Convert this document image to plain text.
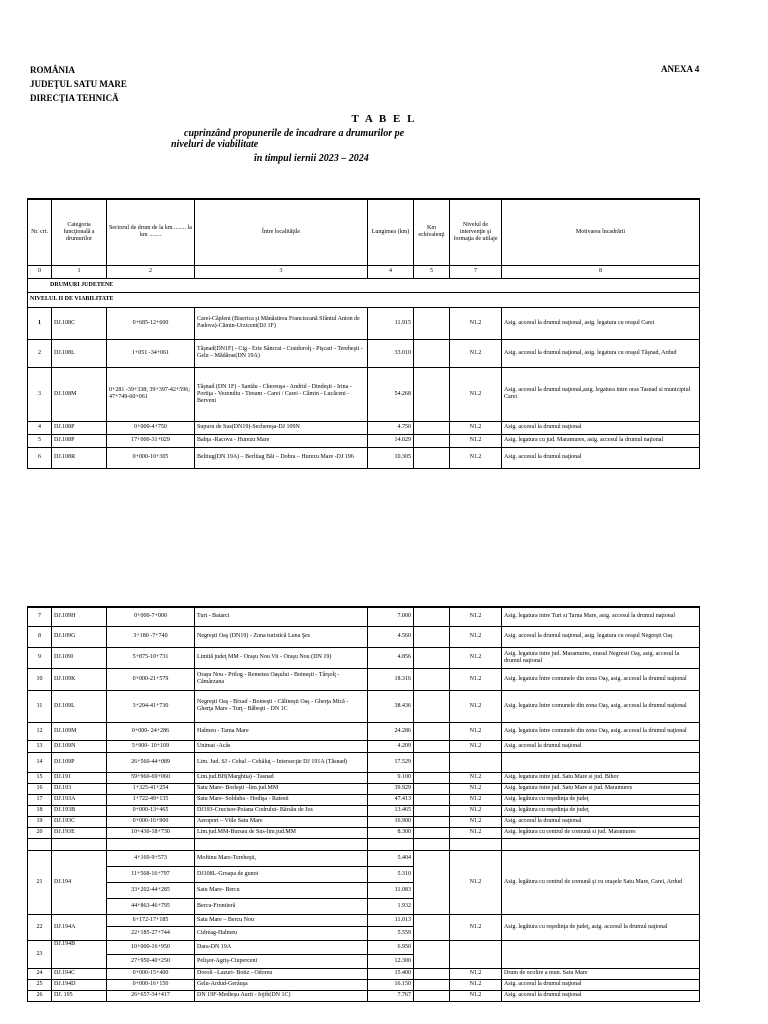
ROMÂNIA
JUDEŢUL SATU MARE
DIRECŢIA TEHNICĂ
ANEXA 4
T A B E L
cuprinzând propunerile de încadrare a drumurilor pe
niveluri de viabilitate
în timpul iernii 2023 – 2024
Nr. crt.	Categoria funcţională a drumurilor	Sectorul de drum de la km ........ la km ........	Între localităţile	Lungimea (km)	Km echivalenţi	Nivelul de intervenţie şi formaţia de utilaje	Motivarea încadrării
0	1	2	3	4	5	7	8
DRUMURI JUDETENE							
NIVELUL II DE VIABILITATE							
1	DJ.108C	0+685-12+600	Carei-Căpleni (Biserica şi Mănăstirea Franciscană Sfântul Anton de Padova)-Cămin-Urziceni(DJ 1F)	11.915		N1.2	Asig. accesul la drumul naţional, asig. legatura cu oraşul Carei
2	DJ.108L	1+051 -34+061	Tăşnad(DN1F) - Cig - Erie Sâncrai - Craidorolţ - Pişcari - Tereheşti - Gelu – Mădăras(DN 19A)	33.010		N1.2	Asig. accesul la drumul naţional, asig. legatura cu oraşul Tăşnad, Ardud
3	DJ.108M	0+281 -39+338; 39+397-42+596; 47+749-60+061	Tăşnad (DN 1F) - Santău - Chereuşa - Andrid - Dindeşti - Irina - Portiţa - Vezendiu - Tiream - Carei / Carei - Cămin - Lucăceni - Berveni	54.268		N1.2	Asig. accesul la drumul naţional,asig. legatura intre oras Tasnad si municipiul Carei
4	DJ.108P	0+000-4+750	Supuru de Sus(DN19)-Sechereşa-DJ 109N	4.750		N1.2	Asig. accesul la drumul naţional
5	DJ.108P	17+000-31+029	Babţa -Racova - Hurezu Mare	14.029		N1.2	Asig. legatura cu jud. Maramures, asig. accesul la drumul naţional
6	DJ.108R	0+000-10+305	Beltiug(DN 19A) – Berltiag Băi – Dobra – Hurezu Mare -DJ 196	10.305		N1.2	Asig. accesul la drumul naţional
7	DJ.109H	0+000-7+000	Turt - Batarci	7.000		N1.2	Asig. legatura intre Turt si Tarna Mare, asig. accesul la drumul naţional
8	DJ.109G	3+180 -7+740	Negreşti Oaş (DN19) - Zona turistică Luna Şes	4.560		N1.2	Asig. accesul la drumul naţional, asig. legatura cu oraşul Negreşti Oaş
9	DJ.109I	5+875-10+731	Limită judeţ MM - Oraşu Nou Vii - Oraşu Nou (DN 19)	4.856		N1.2	Asig. legatura intre jud. Maramures, orasul Negresti Oaş, asig. accesul la drumul naţional
10	DJ.109K	0+000-21+579	Oraşu Nou - Prilog - Remetea Oaşului - Boineşti - Târşolţ - Cămârzana	18.316		N1.2	Asig. legatura între comunele din zona Oaş, asig. accesul la drumul naţional
11	DJ.109L	3+294-41+730	Negreşti Oaş - Bixad - Boineşti - Călineşti Oaş - Gherţa Mică - Gherţa Mare - Turţ - Băbeşti - DN 1C	38.436		N1.2	Asig. legatura între comunele din zona Oaş, asig. accesul la drumul naţional
12	DJ.109M	0+000- 24+286	Halmeu - Tarna Mare	24.286		N1.2	Asig. legatura între comunele din zona Oaş, asig. accesul la drumul naţional
13	DJ.109N	5+900- 10+109	Unimat -Acâs	4.209		N1.2	Asig. accesul la drumul naţional
14	DJ.109P	26+560-44+089	Lim. Jud. SJ - Cehal – Cehăluţ – Intersecţie DJ 191A (Tăsnad)	17.529			
15	DJ.191	59+960-69+060	Lim.jud.BH(Marghita) - Tasnad	9.100		N1.2	Asig. legatura intre jud. Satu Mare si jud. Bihor
16	DJ.193	1+325-41+254	Satu Mare- Borleşti –lim.jud.MM	39.929		N1.2	Asig. legatura intre jud. Satu Mare si jud. Maramures
17	DJ.193A	1+722-49+135	Satu Mare- Solduba - Hodişa - Ratesti	47.413		N1.2	Asig. legătura cu reşedinţa de judeţ
18	DJ.193B	0+000-13+465	DJ193-Crucisor-Poiana Codrului- Bârsău de Jos	13.465		N1.2	Asig. legătura cu reşedinţa de judeţ
19	DJ.193C	0+000-16+900	Aeroport – Viile Satu Mare	16.900		N1.2	Asig. accesul la drumul naţional
20	DJ.193E	10+430-18+730	Lim.jud.MM-Bursau de Sus-lim.jud.MM	8.300		N1.2	Asig. legătura cu centrul de comună si jud. Maramures

21	DJ.194	4+169-9+573	Moftinu Mare-Tereheşti,	5.404		N1.2	Asig. legătura cu centrul de comună şi cu oraşele Satu Mare, Carei, Ardud
		11+568-16+797	DJ108L-Groapa de gunoi	5.310			
		33+202-44+285	Satu Mare- Bercu	11.083			
		44+863-46+795	Bercu-Frontieră	1.932			
22	DJ.194A	6+172-17+185	Satu Mare – Bercu Nou	11.013		N1.2	Asig. legătura cu reşedinţa de judeţ, asig. accesul la drumul naţional
		22+185-27+744	Cidreag-Halmeu	5.559			
23	DJ.194B	10+000-16+950	Dara-DN 19A	6.950			
		27+950-40+250	Pelişor-Agriş-Ciuperceni	12.300			
24	DJ.194C	0+000-15+400	Doroli –Lazuri- Botiz - Odoreu	15.400		N1.2	Drum de ocolire a mun. Satu Mare
25	DJ.194D	0+000-16+150	Gelu-Ardud-Gerăuşa	16.150		N1.2	Asig. accesul la drumul naţional
26	DJ. 195	26+657-34+417	DN 19F-Medieşu Aurit - Iojib(DN 1C)	7.767		N1.2	Asig. accesul la drumul naţional
